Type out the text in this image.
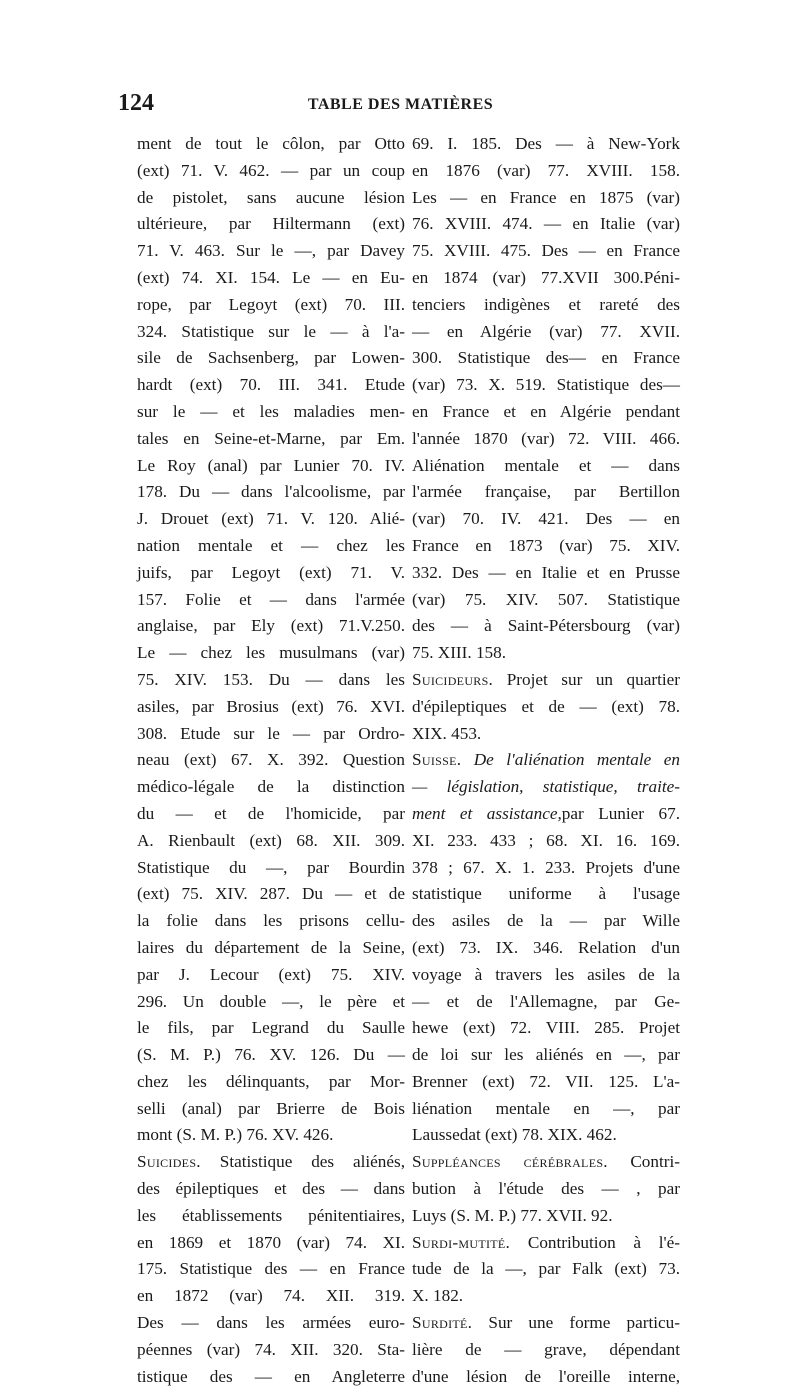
124	TABLE DES MATIÈRES
ment de tout le côlon, par Otto
(ext) 71. V. 462. — par un coup
de pistolet, sans aucune lésion
ultérieure, par Hiltermann (ext)
71. V. 463. Sur le —, par Davey
(ext) 74. XI. 154. Le — en Eu-
rope, par Legoyt (ext) 70. III.
324. Statistique sur le — à l'a-
sile de Sachsenberg, par Lowen-
hardt (ext) 70. III. 341. Etude
sur le — et les maladies men-
tales en Seine-et-Marne, par Em.
Le Roy (anal) par Lunier 70. IV.
178. Du — dans l'alcoolisme, par
J. Drouet (ext) 71. V. 120. Alié-
nation mentale et — chez les
juifs, par Legoyt (ext) 71. V.
157. Folie et — dans l'armée
anglaise, par Ely (ext) 71.V.250.
Le — chez les musulmans (var)
75. XIV. 153. Du — dans les
asiles, par Brosius (ext) 76. XVI.
308. Etude sur le — par Ordro-
neau (ext) 67. X. 392. Question
médico-légale de la distinction
du — et de l'homicide, par
A. Rienbault (ext) 68. XII. 309.
Statistique du —, par Bourdin
(ext) 75. XIV. 287. Du — et de
la folie dans les prisons cellu-
laires du département de la Seine,
par J. Lecour (ext) 75. XIV.
296. Un double —, le père et
le fils, par Legrand du Saulle
(S. M. P.) 76. XV. 126. Du —
chez les délinquants, par Mor-
selli (anal) par Brierre de Bois
mont (S. M. P.) 76. XV. 426.
Suicides. Statistique des aliénés,
des épileptiques et des — dans
les établissements pénitentiaires,
en 1869 et 1870 (var) 74. XI.
175. Statistique des — en France
en 1872 (var) 74. XII. 319.
Des — dans les armées euro-
péennes (var) 74. XII. 320. Sta-
tistique des — en Angleterre
69. I. 185. Des — à New-York
en 1876 (var) 77. XVIII. 158.
Les — en France en 1875 (var)
76. XVIII. 474. — en Italie (var)
75. XVIII. 475. Des — en France
en 1874 (var) 77.XVII 300.Péni-
tenciers indigènes et rareté des
— en Algérie (var) 77. XVII.
300. Statistique des— en France
(var) 73. X. 519. Statistique des—
en France et en Algérie pendant
l'année 1870 (var) 72. VIII. 466.
Aliénation mentale et — dans
l'armée française, par Bertillon
(var) 70. IV. 421. Des — en
France en 1873 (var) 75. XIV.
332. Des — en Italie et en Prusse
(var) 75. XIV. 507. Statistique
des — à Saint-Pétersbourg (var)
75. XIII. 158.
Suicideurs. Projet sur un quartier
d'épileptiques et de — (ext) 78.
XIX. 453.
Suisse. De l'aliénation mentale en
— législation, statistique, traite-
ment et assistance,par Lunier 67.
XI. 233. 433 ; 68. XI. 16. 169.
378 ; 67. X. 1. 233. Projets d'une
statistique uniforme à l'usage
des asiles de la — par Wille
(ext) 73. IX. 346. Relation d'un
voyage à travers les asiles de la
— et de l'Allemagne, par Ge-
hewe (ext) 72. VIII. 285. Projet
de loi sur les aliénés en —, par
Brenner (ext) 72. VII. 125. L'a-
liénation mentale en —, par
Laussedat (ext) 78. XIX. 462.
Suppléances cérébrales. Contri-
bution à l'étude des — , par
Luys (S. M. P.) 77. XVII. 92.
Surdi-mutité. Contribution à l'é-
tude de la —, par Falk (ext) 73.
X. 182.
Surdité. Sur une forme particu-
lière de — grave, dépendant
d'une lésion de l'oreille interne,
